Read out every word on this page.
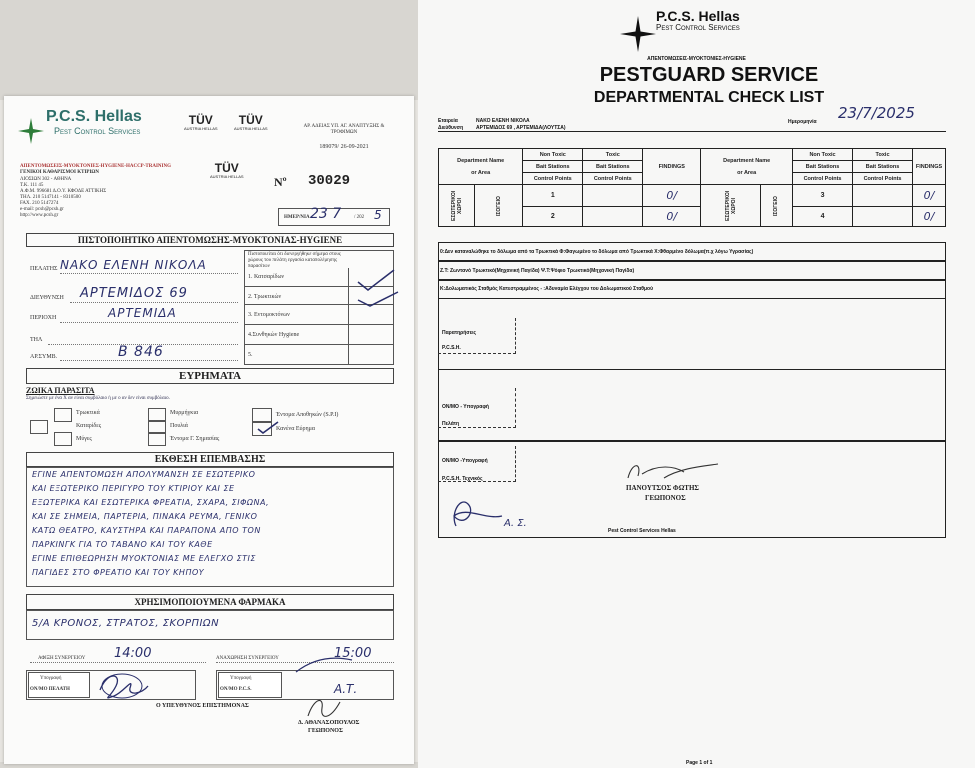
P.C.S. Hellas
Pest Control Services
TÜV
AUSTRIA HELLAS
TÜV
AUSTRIA HELLAS
TÜV
AUSTRIA HELLAS
ΑΡ. ΑΔΕΙΑΣ ΥΠ. ΑΓ. ΑΝΑΠΤΥΞΗΣ & ΤΡΟΦΙΜΩΝ
189079/ 26-09-2021
ΑΠΕΝΤΟΜΩΣΕΙΣ-ΜΥΟΚΤΟΝΙΕΣ-HYGIENE-HACCP-TRAINING
ΓΕΝΙΚΟΙ ΚΑΘΑΡΙΣΜΟΙ ΚΤΙΡΙΩΝ
ΛΙΟΣΙΩΝ 302 - ΑΘΗΝΑ
Τ.Κ. 111 45
Α.Φ.Μ. 996681 Δ.Ο.Υ. ΚΦΟΔΕ ΑΤΤΙΚΗΣ
ΤΗΛ. 210 5147141 - 8310500
FAX. 210 5147274
e-mail: pcsh@pcsh.gr
http://www.pcsh.gr
Nº 30029
ΗΜΕΡ/ΝΙΑ 23 7	/ 202 5
ΠΙΣΤΟΠΟΙΗΤΙΚΟ ΑΠΕΝΤΟΜΩΣΗΣ-ΜΥΟΚΤΟΝΙΑΣ-HYGIENE
ΠΕΛΑΤΗΣ ΝΑΚΟ ΕΛΕΝΗ ΝΙΚΟΛΑ
ΔΙΕΥΘΥΝΣΗ ΑΡΤΕΜΙΔΟΣ 69
ΠΕΡΙΟΧΗ	ΑΡΤΕΜΙΔΑ
ΤΗΛ
ΑΡ.ΣΥΜΒ.	Β 846
Πιστοποιείται ότι διενεργήθηκε σήμερα στους χώρους του πελάτη εργασία καταπολέμησης παρασίτων
1. Κατσαρίδων
2. Τρωκτικών
3. Εντομοκτόνων
4.Συνθηκών Hygiene
5.
ΕΥΡΗΜΑΤΑ
ΖΩΙΚΑ ΠΑΡΑΣΙΤΑ
Σημειώστε με ένα Χ αν είναι συμβόλαιο ή με ο αν δεν είναι συμβόλαιο.
Τρωκτικά
Καταρίδες
Μύγες
Μυρμήγκια
Πουλιά
Έντομα Γ. Σημασίας
Έντομα Αποθηκών (S.P.I)
Κανένα Εύρημα
ΕΚΘΕΣΗ ΕΠΕΜΒΑΣΗΣ
ΕΓΙΝΕ ΑΠΕΝΤΟΜΩΣΗ ΑΠΟΛΥΜΑΝΣΗ ΣΕ ΕΣΩΤΕΡΙΚΟ
ΚΑΙ ΕΞΩΤΕΡΙΚΟ ΠΕΡΙΓΥΡΟ ΤΟΥ ΚΤΙΡΙΟΥ ΚΑΙ ΣΕ
ΕΞΩΤΕΡΙΚΑ ΚΑΙ ΕΣΩΤΕΡΙΚΑ ΦΡΕΑΤΙΑ, ΣΧΑΡΑ, ΣΙΦΩΝΑ,
ΚΑΙ ΣΕ ΣΗΜΕΙΑ, ΠΑΡΤΕΡΙΑ, ΠΙΝΑΚΑ ΡΕΥΜΑ, ΓΕΝΙΚΟ
ΚΑΤΩ ΘΕΑΤΡΟ, ΚΑΥΣΤΗΡΑ ΚΑΙ ΠΑΡΑΠΟΝΑ ΑΠΟ ΤΟΝ
ΠΑΡΚΙΝΓΚ ΓΙΑ ΤΟ ΤΑΒΑΝΟ ΚΑΙ ΤΟΥ ΚΑΘΕ
ΕΓΙΝΕ ΕΠΙΘΕΩΡΗΣΗ ΜΥΟΚΤΟΝΙΑΣ ΜΕ ΕΛΕΓΧΟ ΣΤΙΣ
ΠΑΓΙΔΕΣ ΣΤΟ ΦΡΕΑΤΙΟ ΚΑΙ ΤΟΥ ΚΗΠΟΥ
ΧΡΗΣΙΜΟΠΟΙΟΥΜΕΝΑ ΦΑΡΜΑΚΑ
5/Α ΚΡΟΝΟΣ, ΣΤΡΑΤΟΣ, ΣΚΟΡΠΙΩΝ
ΑΦΙΞΗ ΣΥΝΕΡΓΕΙΟΥ 14:00	ΑΝΑΧΩΡΗΣΗ ΣΥΝΕΡΓΕΙΟΥ	15:00
Υπογραφή
ΟΝ/ΜΟ ΠΕΛΑΤΗ
Υπογραφή
ΟΝ/ΜΟ P.C.S.	Α.Τ.
Ο ΥΠΕΥΘΥΝΟΣ ΕΠΙΣΤΗΜΟΝΑΣ
Δ. ΑΘΑΝΑΣΟΠΟΥΛΟΣ
ΓΕΩΠΟΝΟΣ
P.C.S. Hellas
Pest Control Services
ΑΠΕΝΤΟΜΩΣΕΙΣ-ΜΥΟΚΤΟΝΙΕΣ-HYGIENE
PESTGUARD SERVICE
DEPARTMENTAL CHECK LIST
Εταιρεία	ΝΑΚΟ ΕΛΕΝΗ ΝΙΚΟΛΑ
Διεύθυνση	ΑΡΤΕΜΙΔΟΣ 69 , ΑΡΤΕΜΙΔΑ(ΛΟΥΤΣΑ)
Ημερομηνία 23/7/2025
Department Name
or Area		Non Toxic	Toxic	FINDINGS	Department Name
or Area		Non Toxic	Toxic	FINDINGS
		Bait Stations	Bait Stations				Bait Stations	Bait Stations	
		Control Points	Control Points				Control Points	Control Points	
ΕΣΩΤΕΡΙΚΟΙ ΧΩΡΟΙ	ΙΣΟΓΕΙΟ	1		0/	ΕΣΩΤΕΡΙΚΟΙ ΧΩΡΟΙ	ΙΣΟΓΕΙΟ	3		0/
		2		0/			4		0/
0:Δεν καταναλώθηκε το δόλωμα από τα Τρωκτικά Φ:Φαγωμένο το δόλωμα από Τρωκτικά Χ:Φθαρμένο δόλωμα(π.χ λόγω Υγρασίας)
Ζ.Τ: Ζωντανό Τρωκτικό(Μηχανική Παγίδα) Ψ.Τ:Ψόφιο Τρωκτικό(Μηχανική Παγίδα)
Κ:Δολωματικός Σταθμός Κατεστραμμένος - :Αδυναμία Ελέγχου του Δολωματικού Σταθμού
Παρατηρήσεις
P.C.S.H.
ΟΝ/ΜΟ - Υπογραφή
Πελάτη
ΟΝ/ΜΟ -Υπογραφή
P.C.S.H. Τεχνικός
Α. Σ.
ΠΑΝΟΥΤΣΟΣ ΦΩΤΗΣ
ΓΕΩΠΟΝΟΣ
Pest Control Services Hellas
Page 1 of 1
